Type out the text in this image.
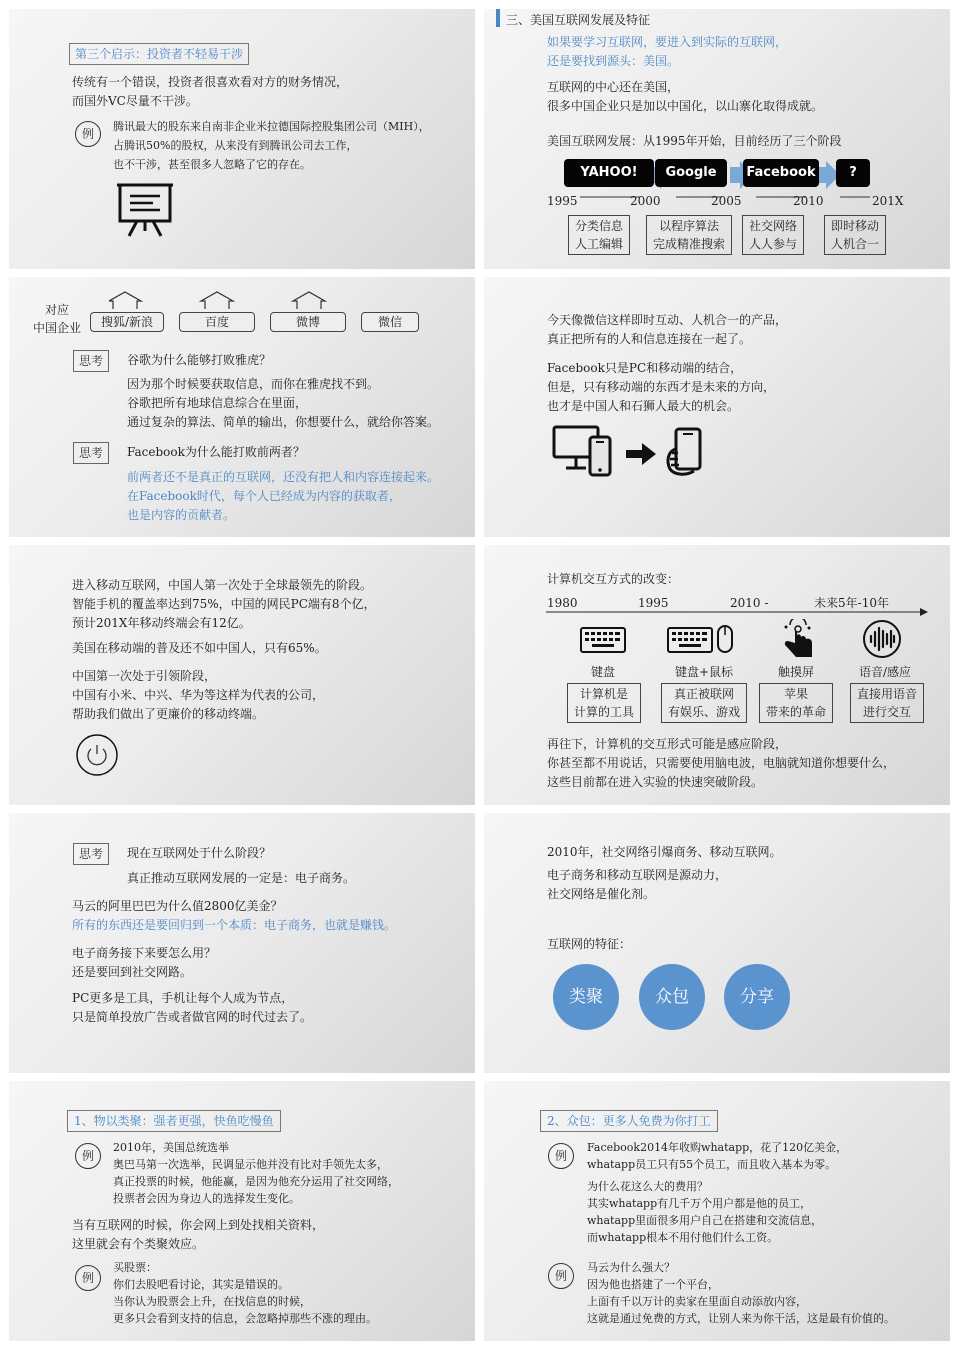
第三个启示：投资者不轻易干涉
传统有一个错误，投资者很喜欢看对方的财务情况，
而国外VC尽量不干涉。
例
腾讯最大的股东来自南非企业米拉德国际控股集团公司（MIH），
占腾讯50%的股权，从来没有到腾讯公司去工作，
也不干涉，甚至很多人忽略了它的存在。
三、美国互联网发展及特征
如果要学习互联网，要进入到实际的互联网，
还是要找到源头：美国。
互联网的中心还在美国，
很多中国企业只是加以中国化，以山寨化取得成就。
美国互联网发展：从1995年开始，目前经历了三个阶段
YAHOO!	Google	Facebook	?
1995	2000	2005	2010	201X
分类信息
人工编辑
以程序算法
完成精准搜索
社交网络
人人参与
即时移动
人机合一
对应
中国企业	搜狐/新浪	百度	微博	微信
思考	谷歌为什么能够打败雅虎？
因为那个时候要获取信息，而你在雅虎找不到。
谷歌把所有地球信息综合在里面，
通过复杂的算法、简单的输出，你想要什么，就给你答案。
思考	Facebook为什么能打败前两者？
前两者还不是真正的互联网，还没有把人和内容连接起来。
在Facebook时代，每个人已经成为内容的获取者，
也是内容的贡献者。
今天像微信这样即时互动、人机合一的产品，
真正把所有的人和信息连接在一起了。
Facebook只是PC和移动端的结合，
但是，只有移动端的东西才是未来的方向，
也才是中国人和石狮人最大的机会。
进入移动互联网，中国人第一次处于全球最领先的阶段。
智能手机的覆盖率达到75%，中国的网民PC端有8个亿，
预计201X年移动终端会有12亿。
美国在移动端的普及还不如中国人，只有65%。
中国第一次处于引领阶段，
中国有小米、中兴、华为等这样为代表的公司，
帮助我们做出了更廉价的移动终端。
计算机交互方式的改变：
1980	1995	2010 -	未来5年-10年
键盘	键盘+鼠标	触摸屏	语音/感应
计算机是
计算的工具
真正被联网
有娱乐、游戏
苹果
带来的革命
直接用语音
进行交互
再往下，计算机的交互形式可能是感应阶段，
你甚至都不用说话，只需要使用脑电波，电脑就知道你想要什么，
这些目前都在进入实验的快速突破阶段。
思考	现在互联网处于什么阶段？
真正推动互联网发展的一定是：电子商务。
马云的阿里巴巴为什么值2800亿美金？
所有的东西还是要回归到一个本质：电子商务，也就是赚钱。
电子商务接下来要怎么用？
还是要回到社交网路。
PC更多是工具，手机让每个人成为节点，
只是简单投放广告或者做官网的时代过去了。
2010年，社交网络引爆商务、移动互联网。
电子商务和移动互联网是源动力，
社交网络是催化剂。
互联网的特征：
类聚	众包	分享
1、物以类聚：强者更强，快鱼吃慢鱼
例
2010年，美国总统选举
奥巴马第一次选举，民调显示他并没有比对手领先太多，
真正投票的时候，他能赢，是因为他充分运用了社交网络，
投票者会因为身边人的选择发生变化。
当有互联网的时候，你会网上到处找相关资料，
这里就会有个类聚效应。
例
买股票：
你们去股吧看讨论，其实是错误的。
当你认为股票会上升，在找信息的时候，
更多只会看到支持的信息，会忽略掉那些不涨的理由。
2、众包：更多人免费为你打工
例
Facebook2014年收购whatapp，花了120亿美金，
whatapp员工只有55个员工，而且收入基本为零。
为什么花这么大的费用？
其实whatapp有几千万个用户都是他的员工，
whatapp里面很多用户自己在搭建和交流信息，
而whatapp根本不用付他们什么工资。
例
马云为什么强大？
因为他也搭建了一个平台，
上面有千以万计的卖家在里面自动添放内容，
这就是通过免费的方式，让别人来为你干活，这是最有价值的。
